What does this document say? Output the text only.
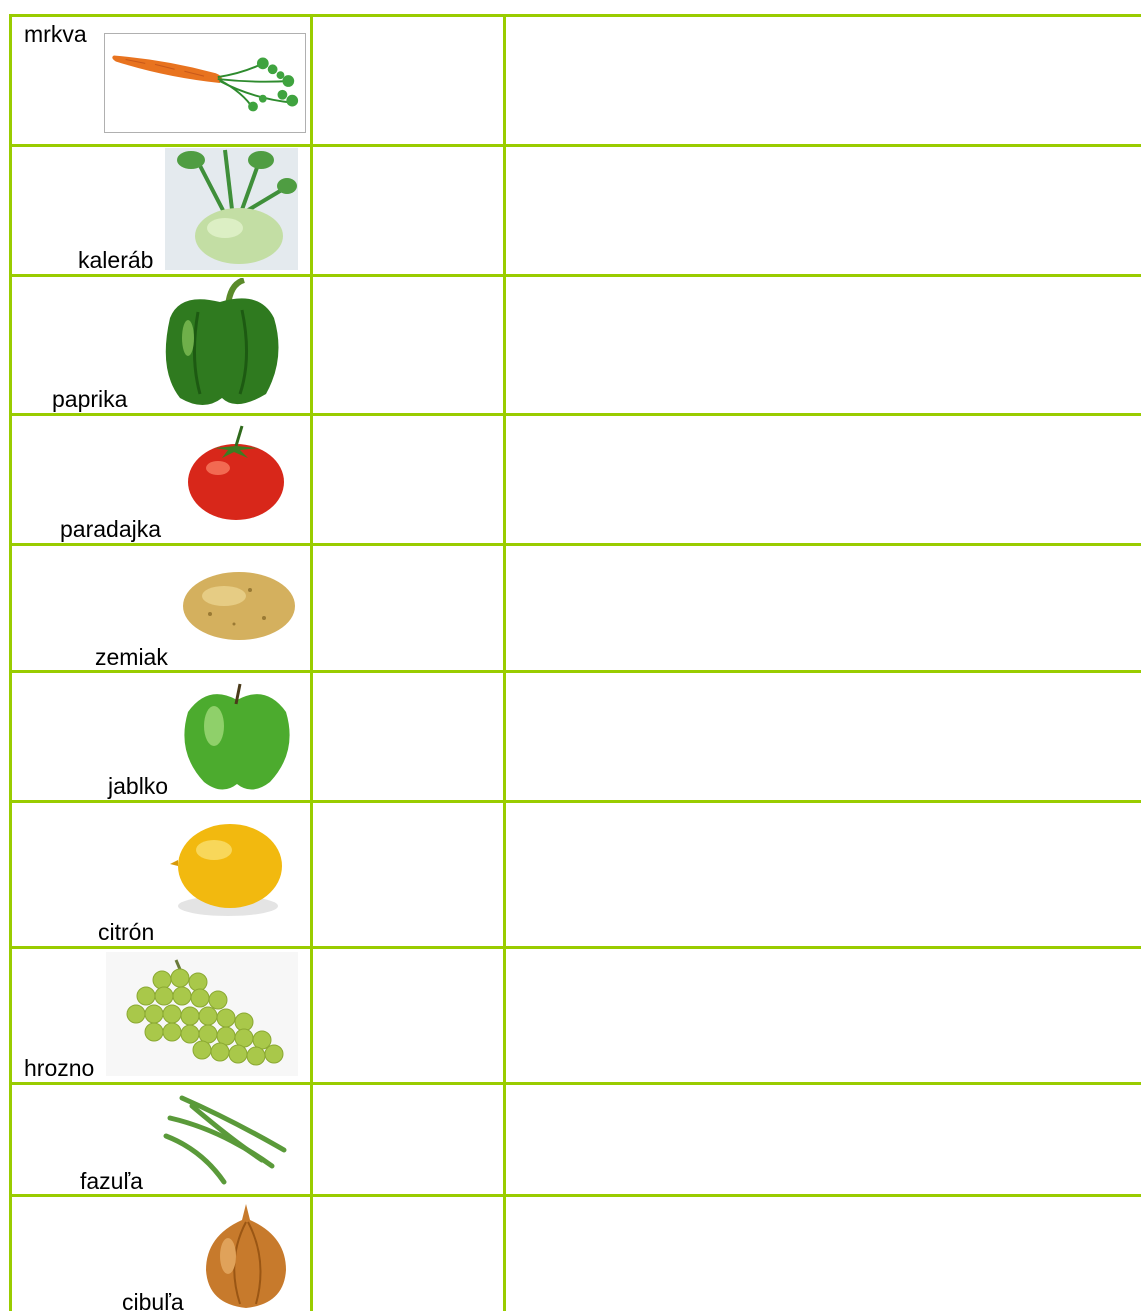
mrkva
kaleráb
paprika
paradajka
zemiak
jablko
citrón
hrozno
fazuľa
cibuľa
